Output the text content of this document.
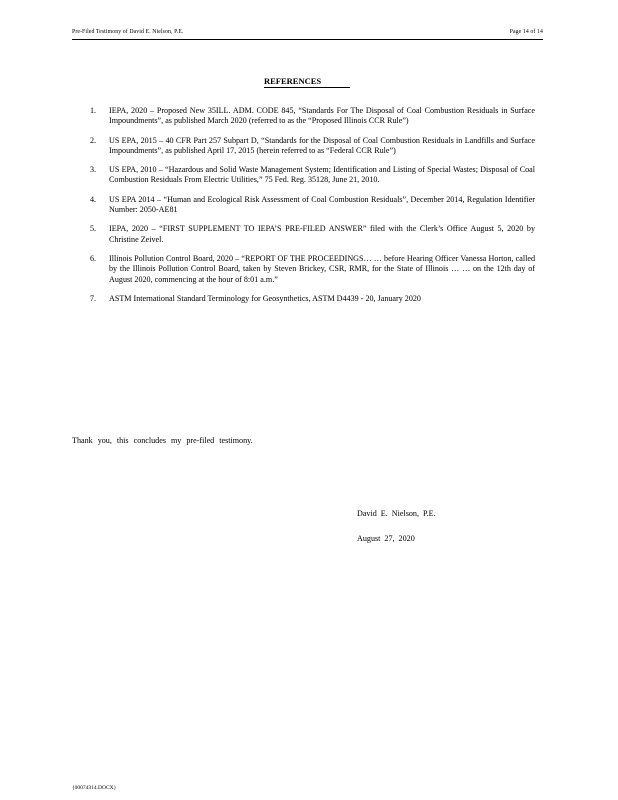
Pre-Filed Testimony of David E. Nielson, P.E.	Page 14 of 14
REFERENCES
1. IEPA, 2020 – Proposed New 35ILL. ADM. CODE 845, “Standards For The Disposal of Coal Combustion Residuals in Surface Impoundments”, as published March 2020 (referred to as the “Proposed Illinois CCR Rule”)
2. US EPA, 2015 – 40 CFR Part 257 Subpart D, “Standards for the Disposal of Coal Combustion Residuals in Landfills and Surface Impoundments”, as published April 17, 2015 (herein referred to as “Federal CCR Rule”)
3. US EPA, 2010 – “Hazardous and Solid Waste Management System; Identification and Listing of Special Wastes; Disposal of Coal Combustion Residuals From Electric Utilities,” 75 Fed. Reg. 35128, June 21, 2010.
4. US EPA 2014 – “Human and Ecological Risk Assessment of Coal Combustion Residuals”, December 2014, Regulation Identifier Number: 2050-AE81
5. IEPA, 2020 – “FIRST SUPPLEMENT TO IEPA’S PRE-FILED ANSWER” filed with the Clerk’s Office August 5, 2020 by Christine Zeivel.
6. Illinois Pollution Control Board, 2020 – “REPORT OF THE PROCEEDINGS… … before Hearing Officer Vanessa Horton, called by the Illinois Pollution Control Board, taken by Steven Brickey, CSR, RMR, for the State of Illinois … … on the 12th day of August 2020, commencing at the hour of 8:01 a.m.”
7. ASTM International Standard Terminology for Geosynthetics, ASTM D4439 - 20, January 2020
Thank you, this concludes my pre-filed testimony.
David E. Nielson, P.E.
August 27, 2020
{00074314.DOCX}
